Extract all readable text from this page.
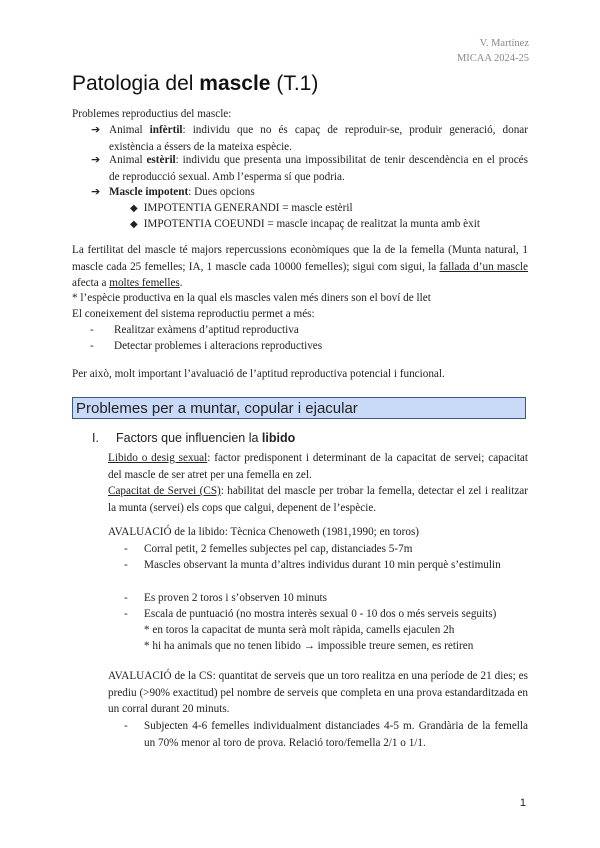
V. Martínez
MICAA 2024-25
Patologia del mascle (T.1)
Problemes reproductius del mascle:
➔ Animal infèrtil: individu que no és capaç de reproduir-se, produir generació, donar existència a éssers de la mateixa espècie.
➔ Animal estèril: individu que presenta una impossibilitat de tenir descendència en el procés de reproducció sexual. Amb l’esperma sí que podria.
➔ Mascle impotent: Dues opcions
◆ IMPOTENTIA GENERANDI = mascle estèril
◆ IMPOTENTIA COEUNDI = mascle incapaç de realitzat la munta amb èxit
La fertilitat del mascle té majors repercussions econòmiques que la de la femella (Munta natural, 1 mascle cada 25 femelles; IA, 1 mascle cada 10000 femelles); sigui com sigui, la fallada d’un mascle afecta a moltes femelles.
* l’espècie productiva en la qual els mascles valen més diners son el boví de llet
El coneixement del sistema reproductiu permet a més:
- Realitzar exàmens d’aptitud reproductiva
- Detectar problemes i alteracions reproductives
Per això, molt important l’avaluació de l’aptitud reproductiva potencial i funcional.
Problemes per a muntar, copular i ejacular
I. Factors que influencien la libido
Libido o desig sexual: factor predisponent i determinant de la capacitat de servei; capacitat del mascle de ser atret per una femella en zel.
Capacitat de Servei (CS): habilitat del mascle per trobar la femella, detectar el zel i realitzar la munta (servei) els cops que calgui, depenent de l’espècie.
AVALUACIÓ de la libido: Tècnica Chenoweth (1981,1990; en toros)
- Corral petit, 2 femelles subjectes pel cap, distanciades 5-7m
- Mascles observant la munta d’altres individus durant 10 min perquè s’estimulin
- Es proven 2 toros i s’observen 10 minuts
- Escala de puntuació (no mostra interès sexual 0 - 10 dos o més serveis seguits)
* en toros la capacitat de munta serà molt ràpida, camells ejaculen 2h
* hi ha animals que no tenen libido → impossible treure semen, es retiren
AVALUACIÓ de la CS: quantitat de serveis que un toro realitza en una període de 21 dies; es prediu (>90% exactitud) pel nombre de serveis que completa en una prova estandarditzada en un corral durant 20 minuts.
- Subjecten 4-6 femelles individualment distanciades 4-5 m. Grandària de la femella un 70% menor al toro de prova. Relació toro/femella 2/1 o 1/1.
1
